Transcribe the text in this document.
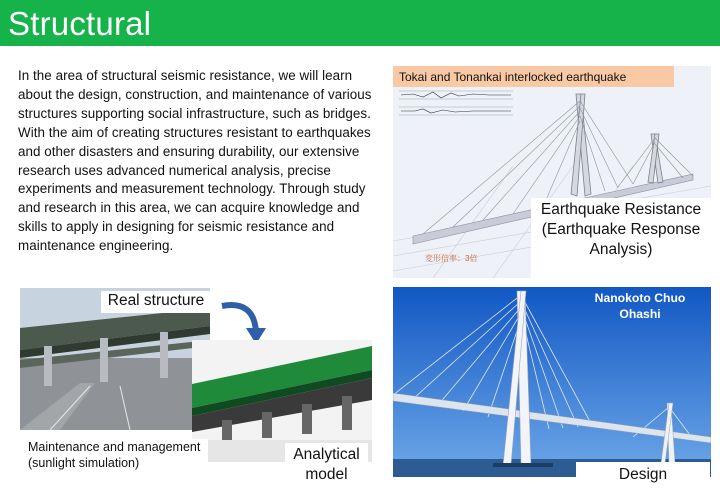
Structural
In the area of structural seismic resistance, we will learn about the design, construction, and maintenance of various structures supporting social infrastructure, such as bridges. With the aim of creating structures resistant to earthquakes and other disasters and ensuring durability, our extensive research uses advanced numerical analysis, precise experiments and measurement technology. Through study and research in this area, we can acquire knowledge and skills to apply in designing for seismic resistance and maintenance engineering.
Tokai and Tonankai interlocked earthquake
変形倍率：3倍
Earthquake Resistance (Earthquake Response Analysis)
Real structure
Analytical model
Maintenance and management (sunlight simulation)
Nanokoto Chuo Ohashi
Design
